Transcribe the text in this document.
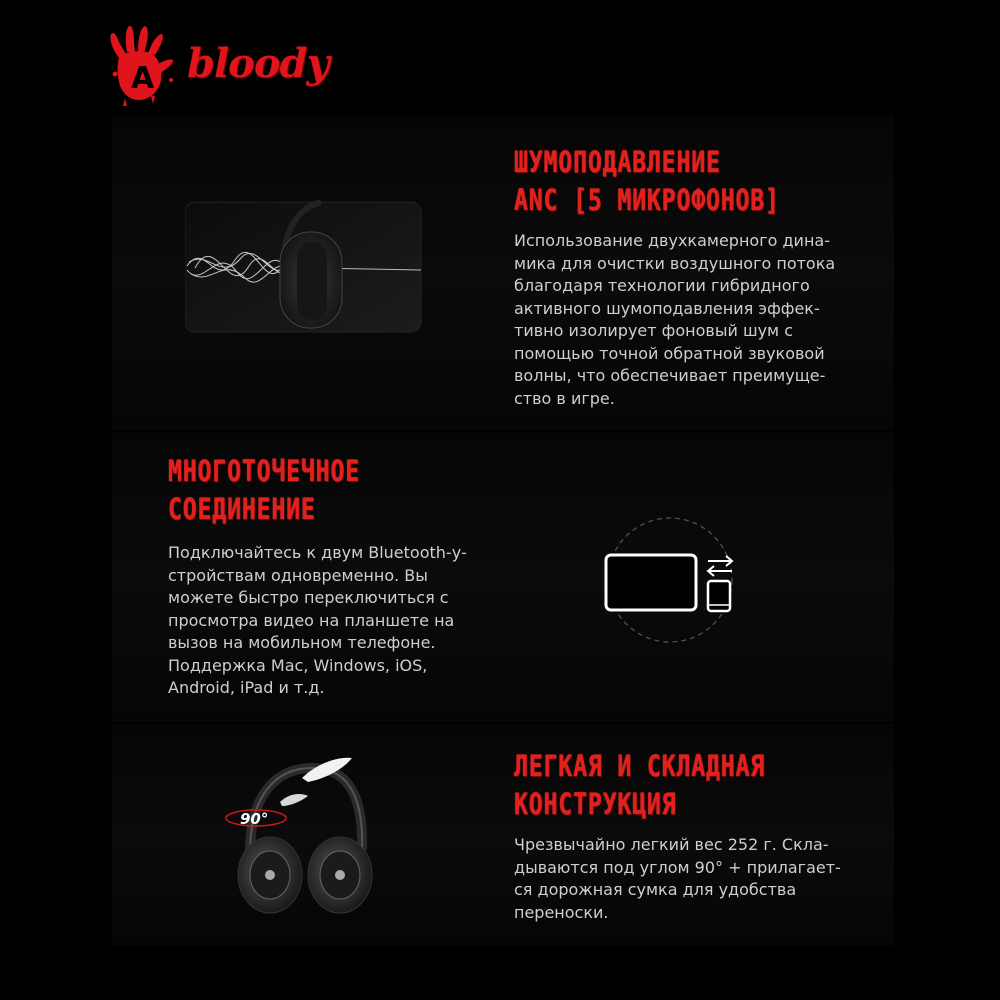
A bloody
ШУМОПОДАВЛЕНИЕ
ANC [5 МИКРОФОНОВ]
Использование двухкамерного дина-
мика для очистки воздушного потока
благодаря технологии гибридного
активного шумоподавления эффек-
тивно изолирует фоновый шум с
помощью точной обратной звуковой
волны, что обеспечивает преимуще-
ство в игре.
МНОГОТОЧЕЧНОЕ
СОЕДИНЕНИЕ
Подключайтесь к двум Bluetooth-у-
стройствам одновременно. Вы
можете быстро переключиться с
просмотра видео на планшете на
вызов на мобильном телефоне.
Поддержка Mac, Windows, iOS,
Android, iPad и т.д.
90°
ЛЕГКАЯ И СКЛАДНАЯ
КОНСТРУКЦИЯ
Чрезвычайно легкий вес 252 г. Скла-
дываются под углом 90° + прилагает-
ся дорожная сумка для удобства
переноски.
